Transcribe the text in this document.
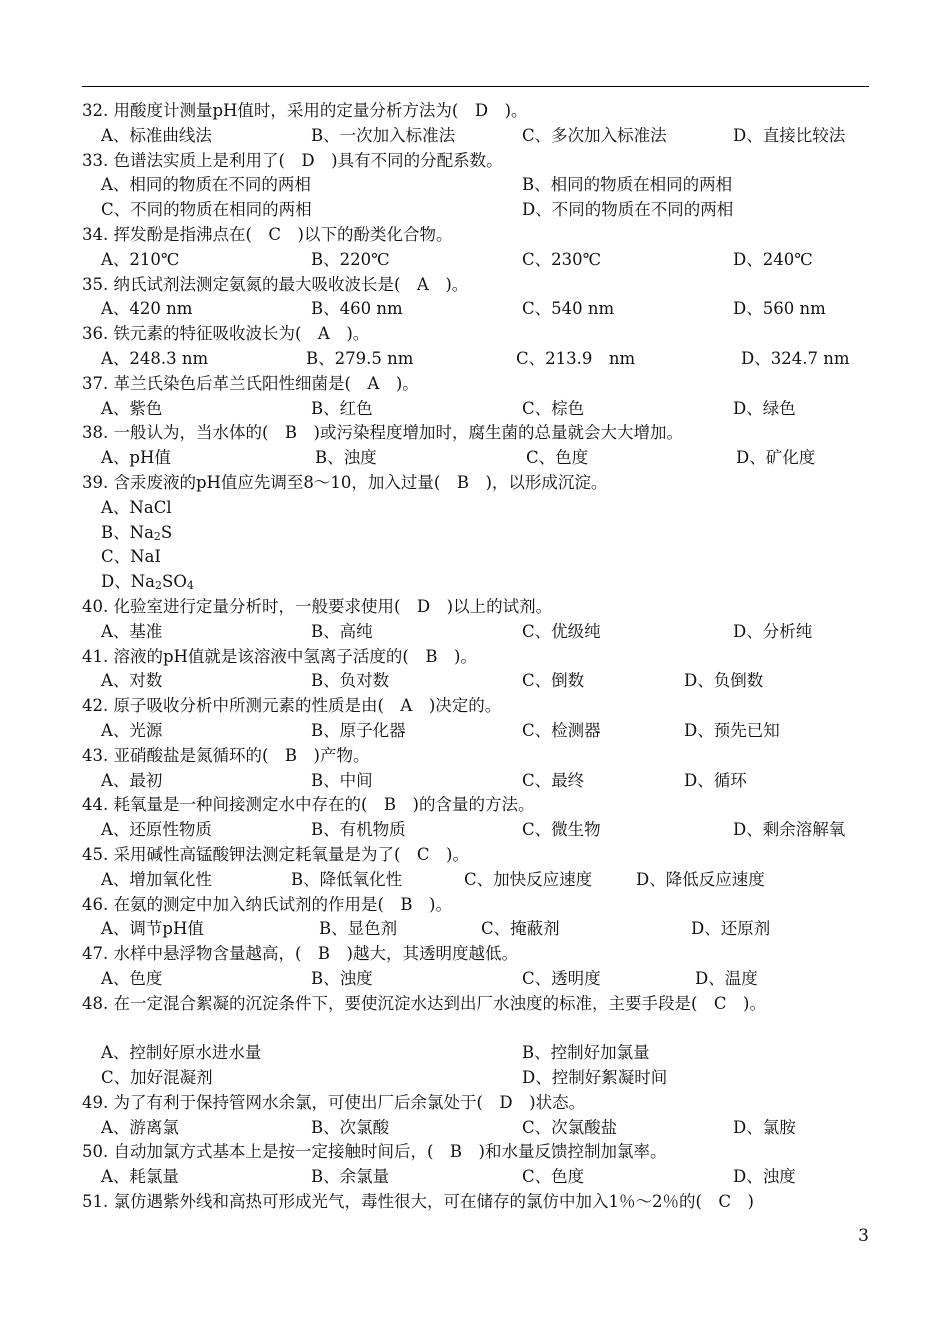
32. 用酸度计测量pH值时，采用的定量分析方法为(　D　)。
A、标准曲线法	B、一次加入标准法	C、多次加入标准法	D、直接比较法
33. 色谱法实质上是利用了(　D　)具有不同的分配系数。
A、相同的物质在不同的两相	B、相同的物质在相同的两相
C、不同的物质在相同的两相	D、不同的物质在不同的两相
34. 挥发酚是指沸点在(　C　)以下的酚类化合物。
A、210℃	B、220℃	C、230℃	D、240℃
35. 纳氏试剂法测定氨氮的最大吸收波长是(　A　)。
A、420 nm	B、460 nm	C、540 nm	D、560 nm
36. 铁元素的特征吸收波长为(　A　)。
A、248.3 nm	B、279.5 nm	C、213.9　nm	D、324.7 nm
37. 革兰氏染色后革兰氏阳性细菌是(　A　)。
A、紫色	B、红色	C、棕色	D、绿色
38. 一般认为，当水体的(　B　)或污染程度增加时，腐生菌的总量就会大大增加。
A、pH值	B、浊度	C、色度	D、矿化度
39. 含汞废液的pH值应先调至8～10，加入过量(　B　)，以形成沉淀。
A、NaCl
B、$Na_2S$
C、NaI
D、$Na_2SO_4$
40. 化验室进行定量分析时，一般要求使用(　D　)以上的试剂。
A、基准	B、高纯	C、优级纯	D、分析纯
41. 溶液的pH值就是该溶液中氢离子活度的(　B　)。
A、对数	B、负对数	C、倒数	D、负倒数
42. 原子吸收分析中所测元素的性质是由(　A　)决定的。
A、光源	B、原子化器	C、检测器	D、预先已知
43. 亚硝酸盐是氮循环的(　B　)产物。
A、最初	B、中间	C、最终	D、循环
44. 耗氧量是一种间接测定水中存在的(　B　)的含量的方法。
A、还原性物质	B、有机物质	C、微生物	D、剩余溶解氧
45. 采用碱性高锰酸钾法测定耗氧量是为了(　C　)。
A、增加氧化性	B、降低氧化性	C、加快反应速度	D、降低反应速度
46. 在氨的测定中加入纳氏试剂的作用是(　B　)。
A、调节pH值	B、显色剂	C、掩蔽剂	D、还原剂
47. 水样中悬浮物含量越高，(　B　)越大，其透明度越低。
A、色度	B、浊度	C、透明度	D、温度
48. 在一定混合絮凝的沉淀条件下，要使沉淀水达到出厂水浊度的标准，主要手段是(　C　)。
A、控制好原水进水量	B、控制好加氯量
C、加好混凝剂	D、控制好絮凝时间
49. 为了有利于保持管网水余氯，可使出厂后余氯处于(　D　)状态。
A、游离氯	B、次氯酸	C、次氯酸盐	D、氯胺
50. 自动加氯方式基本上是按一定接触时间后，(　B　)和水量反馈控制加氯率。
A、耗氯量	B、余氯量	C、色度	D、浊度
51. 氯仿遇紫外线和高热可形成光气，毒性很大，可在储存的氯仿中加入1％～2％的(　C　)
3
